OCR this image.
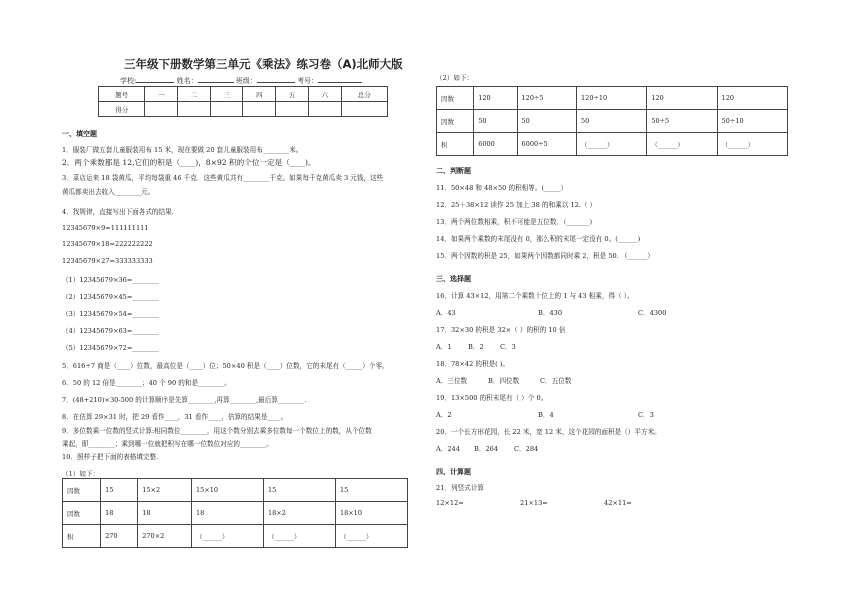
三年级下册数学第三单元《乘法》练习卷（A)北师大版
学校:	姓名：	班级：	考号：
题号	一	二	三	四	五	六	总分
得分							
一、填空题
1．服装厂做五套儿童服装用布 15 米，现在要做 20 套儿童服装用布________米。
2．两个乘数都是 12,它们的积是（____)，8×92 积的个位一定是（____)。
3．菜店运来 18 袋黄瓜，平均每袋重 46 千克．这些黄瓜共有________千克。如果每千克黄瓜卖 3 元钱，这些
黄瓜都卖出去收入________元。
4．找规律，直接写出下面各式的结果.
12345679×9=111111111
12345679×18=222222222
12345679×27=333333333
（1）12345679×36=________
（2）12345679×45=________
（3）12345679×54=________
（4）12345679×63=________
（5）12345679×72=________
5．616÷7 商是（____）位数，最高位是（____）位；50×40 积是（____）位数，它的末尾有（_____）个零。
6．50 的 12 倍是________；40 个 90 的和是________。
7．(48+210)×30-500 的计算顺序是先算________,再算________,最后算________.
8．在估算 29×31 时，把 29 看作____，31 看作____，估算的结果是____。
9．多位数乘一位数的竖式计算:相同数位________，用这个数分别去乘多位数每一个数位上的数，从个位数
乘起，即________；乘到哪一位就把积写在哪一位数位对应的________。
10．照样子把下面的表格填完整.
（1）如下：
因数	15	15×2	15×10	15	15
因数	18	18	18	18×2	18×10
积	270	270×2	（______）	（______）	（______）
（2）如下：
因数	120	120÷5	120÷10	120	120
因数	50	50	50	50÷5	50÷10
积	6000	6000÷5	（______）	（______）	（______）
二、判断题
11．50×48 和 48×50 的积相等。(_____）
12．25＋38×12 读作 25 加上 38 的和乘以 12.（ ）
13．两个两位数相乘，积不可能是五位数．（_______)
14．如果两个乘数的末尾没有 0，那么积的末尾一定没有 0。(______)
15．两个因数的积是 25，如果两个因数都同时乘 2，积是 50. （______）
三、选择题
16．计算 43×12，用第二个乘数十位上的 1 与 43 相乘，得（ ）。
A．43	B．430	C．4300
17．32×30 的积是 32×（ ）的积的 10 倍
A．1 B．2 C．3
18．78×42 的积是( )。
A．三位数	B．四位数	C．五位数
19．13×500 的积末尾有（ ）个 0。
A．2	B．4	C．3
20．一个长方形花园，长 22 米，宽 12 米，这个花园的面积是（）平方米。
A．244 B．264 C．284
四、计算题
21．列竖式计算
12×12=	21×13=	42×11=
